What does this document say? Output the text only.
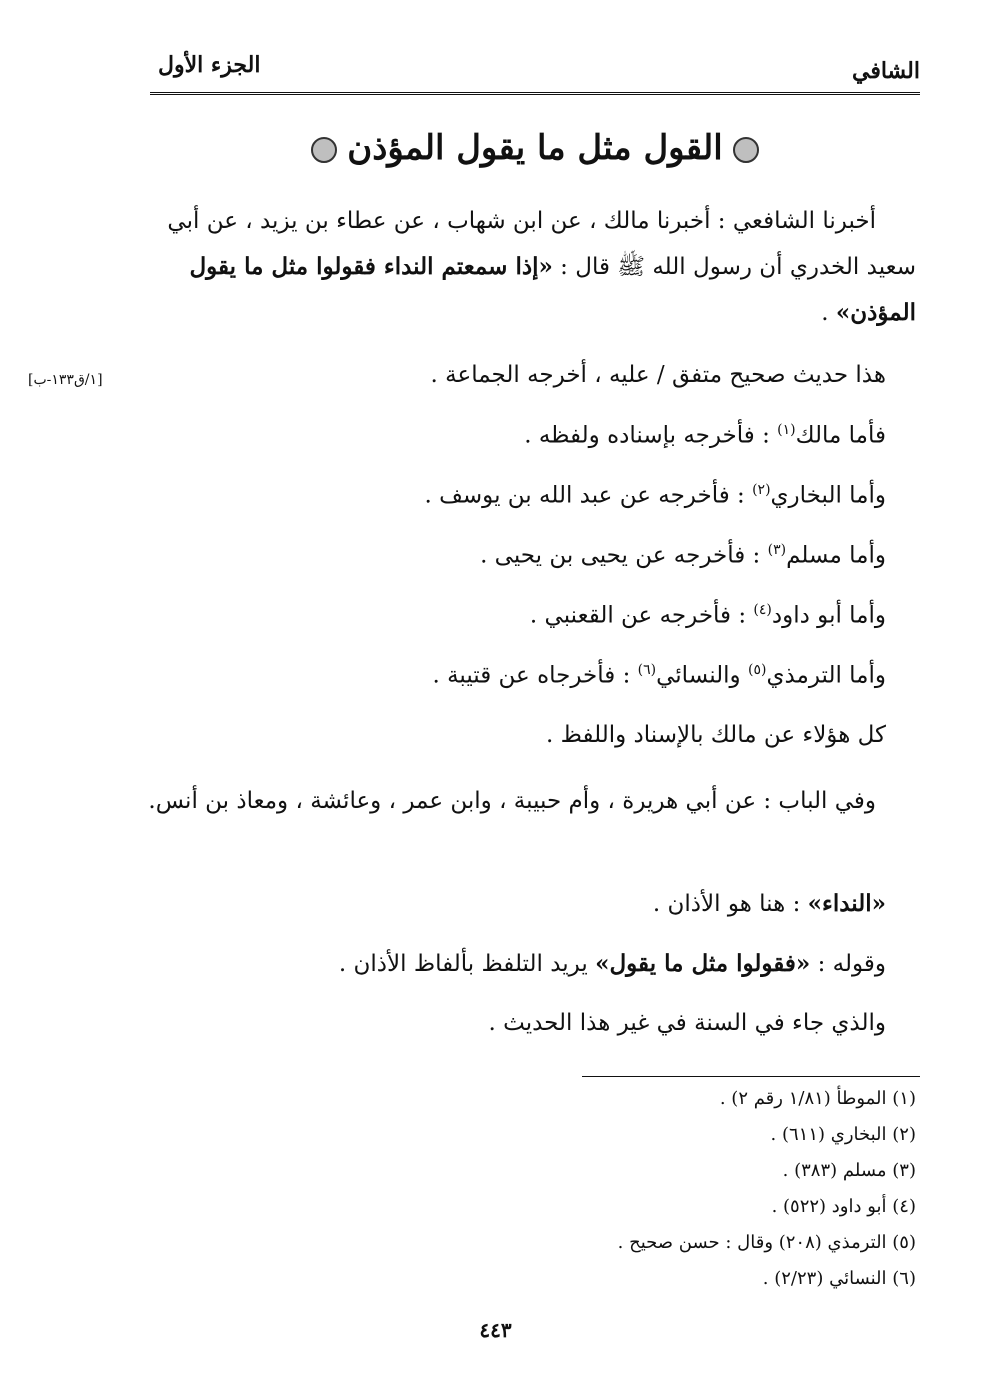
الشافي
الجزء الأول
القول مثل ما يقول المؤذن
أخبرنا الشافعي : أخبرنا مالك ، عن ابن شهاب ، عن عطاء بن يزيد ، عن أبي سعيد الخدري أن رسول الله ﷺ قال : «إذا سمعتم النداء فقولوا مثل ما يقول المؤذن» .
[١/ق١٣٣-ب]	هذا حديث صحيح متفق / عليه ، أخرجه الجماعة .
فأما مالك$^{(١)}$ : فأخرجه بإسناده ولفظه .
وأما البخاري$^{(٢)}$ : فأخرجه عن عبد الله بن يوسف .
وأما مسلم$^{(٣)}$ : فأخرجه عن يحيى بن يحيى .
وأما أبو داود$^{(٤)}$ : فأخرجه عن القعنبي .
وأما الترمذي$^{(٥)}$ والنسائي$^{(٦)}$ : فأخرجاه عن قتيبة .
كل هؤلاء عن مالك بالإسناد واللفظ .
وفي الباب : عن أبي هريرة ، وأم حبيبة ، وابن عمر ، وعائشة ، ومعاذ بن أنس.
«النداء» : هنا هو الأذان .
وقوله : «فقولوا مثل ما يقول» يريد التلفظ بألفاظ الأذان .
والذي جاء في السنة في غير هذا الحديث .
(١) الموطأ (١/٨١ رقم ٢) .
(٢) البخاري (٦١١) .
(٣) مسلم (٣٨٣) .
(٤) أبو داود (٥٢٢) .
(٥) الترمذي (٢٠٨) وقال : حسن صحيح .
(٦) النسائي (٢/٢٣) .
٤٤٣
